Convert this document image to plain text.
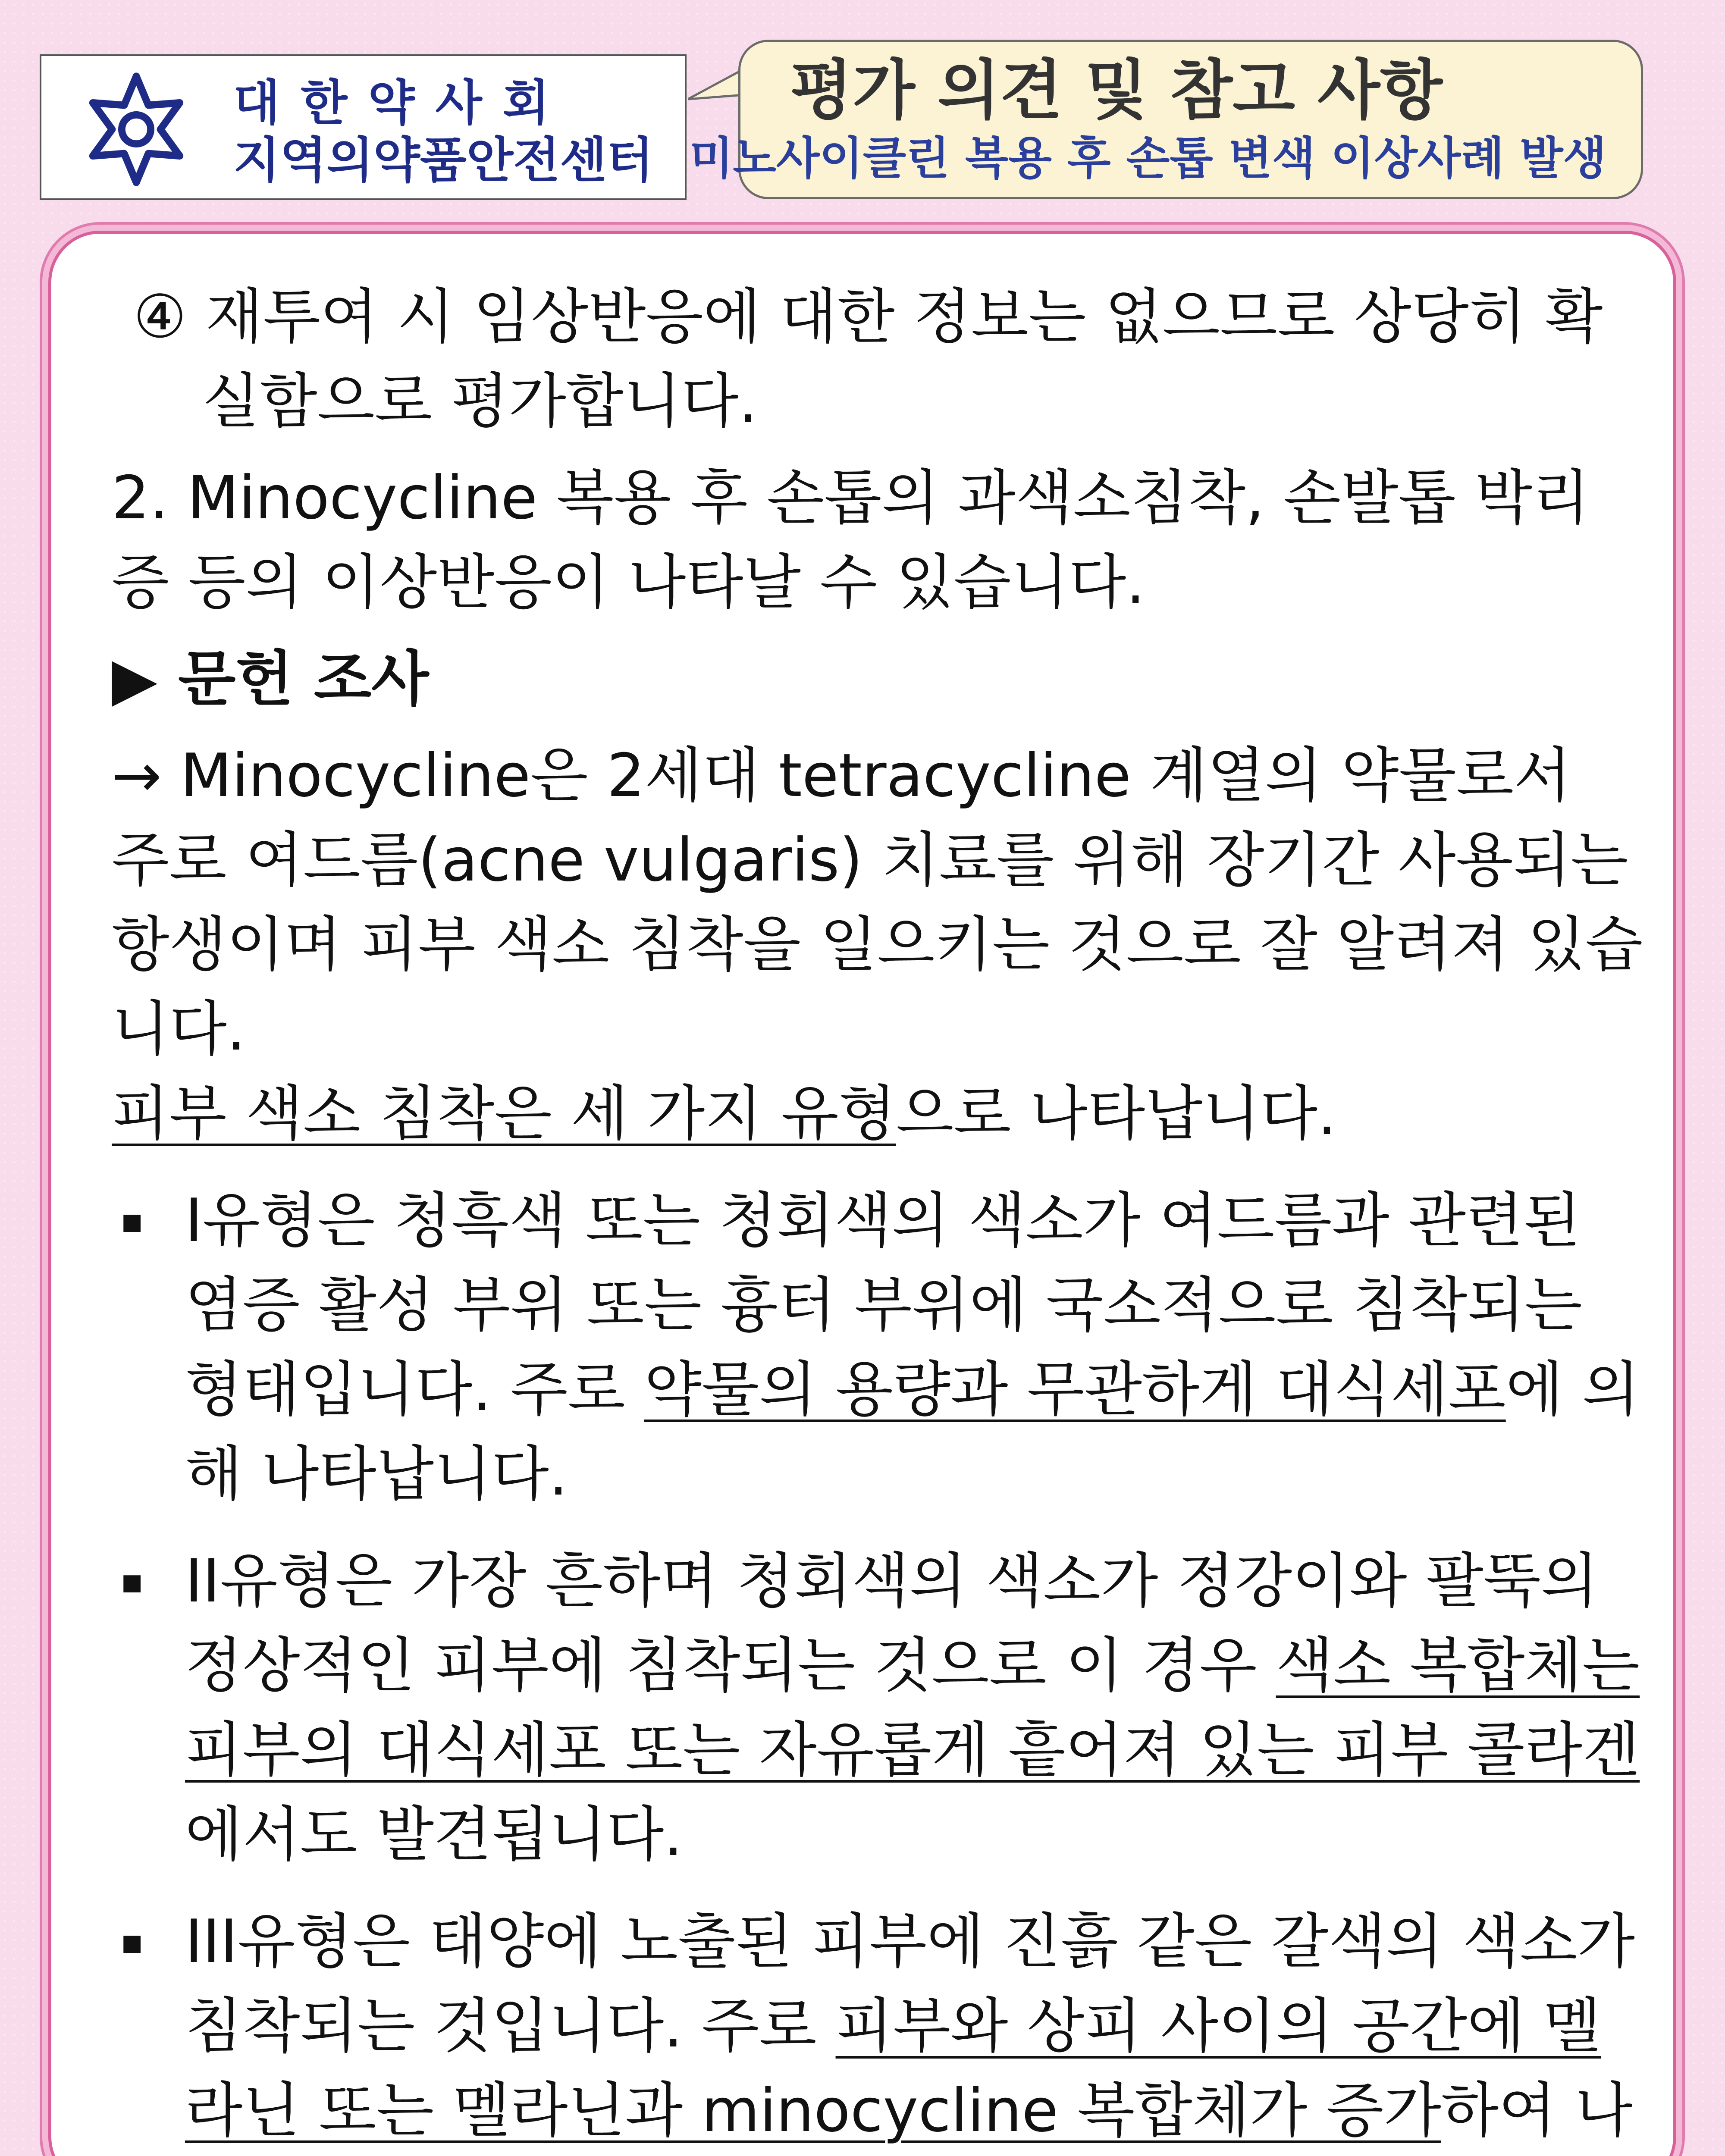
대한약사회
지역의약품안전센터
평가 의견 및 참고 사항
미노사이클린 복용 후 손톱 변색 이상사례 발생

④ 재투여 시 임상반응에 대한 정보는 없으므로 상당히 확실함으로 평가합니다.

2. Minocycline 복용 후 손톱의 과색소침착, 손발톱 박리증 등의 이상반응이 나타날 수 있습니다.

▶ 문헌 조사

→ Minocycline은 2세대 tetracycline 계열의 약물로서 주로 여드름(acne vulgaris) 치료를 위해 장기간 사용되는 항생이며 피부 색소 침착을 일으키는 것으로 잘 알려져 있습니다.
피부 색소 침착은 세 가지 유형으로 나타납니다.

▪ I유형은 청흑색 또는 청회색의 색소가 여드름과 관련된 염증 활성 부위 또는 흉터 부위에 국소적으로 침착되는 형태입니다. 주로 약물의 용량과 무관하게 대식세포에 의해 나타납니다.

▪ II유형은 가장 흔하며 청회색의 색소가 정강이와 팔뚝의 정상적인 피부에 침착되는 것으로 이 경우 색소 복합체는 피부의 대식세포 또는 자유롭게 흩어져 있는 피부 콜라겐에서도 발견됩니다.

▪ III유형은 태양에 노출된 피부에 진흙 같은 갈색의 색소가 침착되는 것입니다. 주로 피부와 상피 사이의 공간에 멜라닌 또는 멜라닌과 minocycline 복합체가 증가하여 나
